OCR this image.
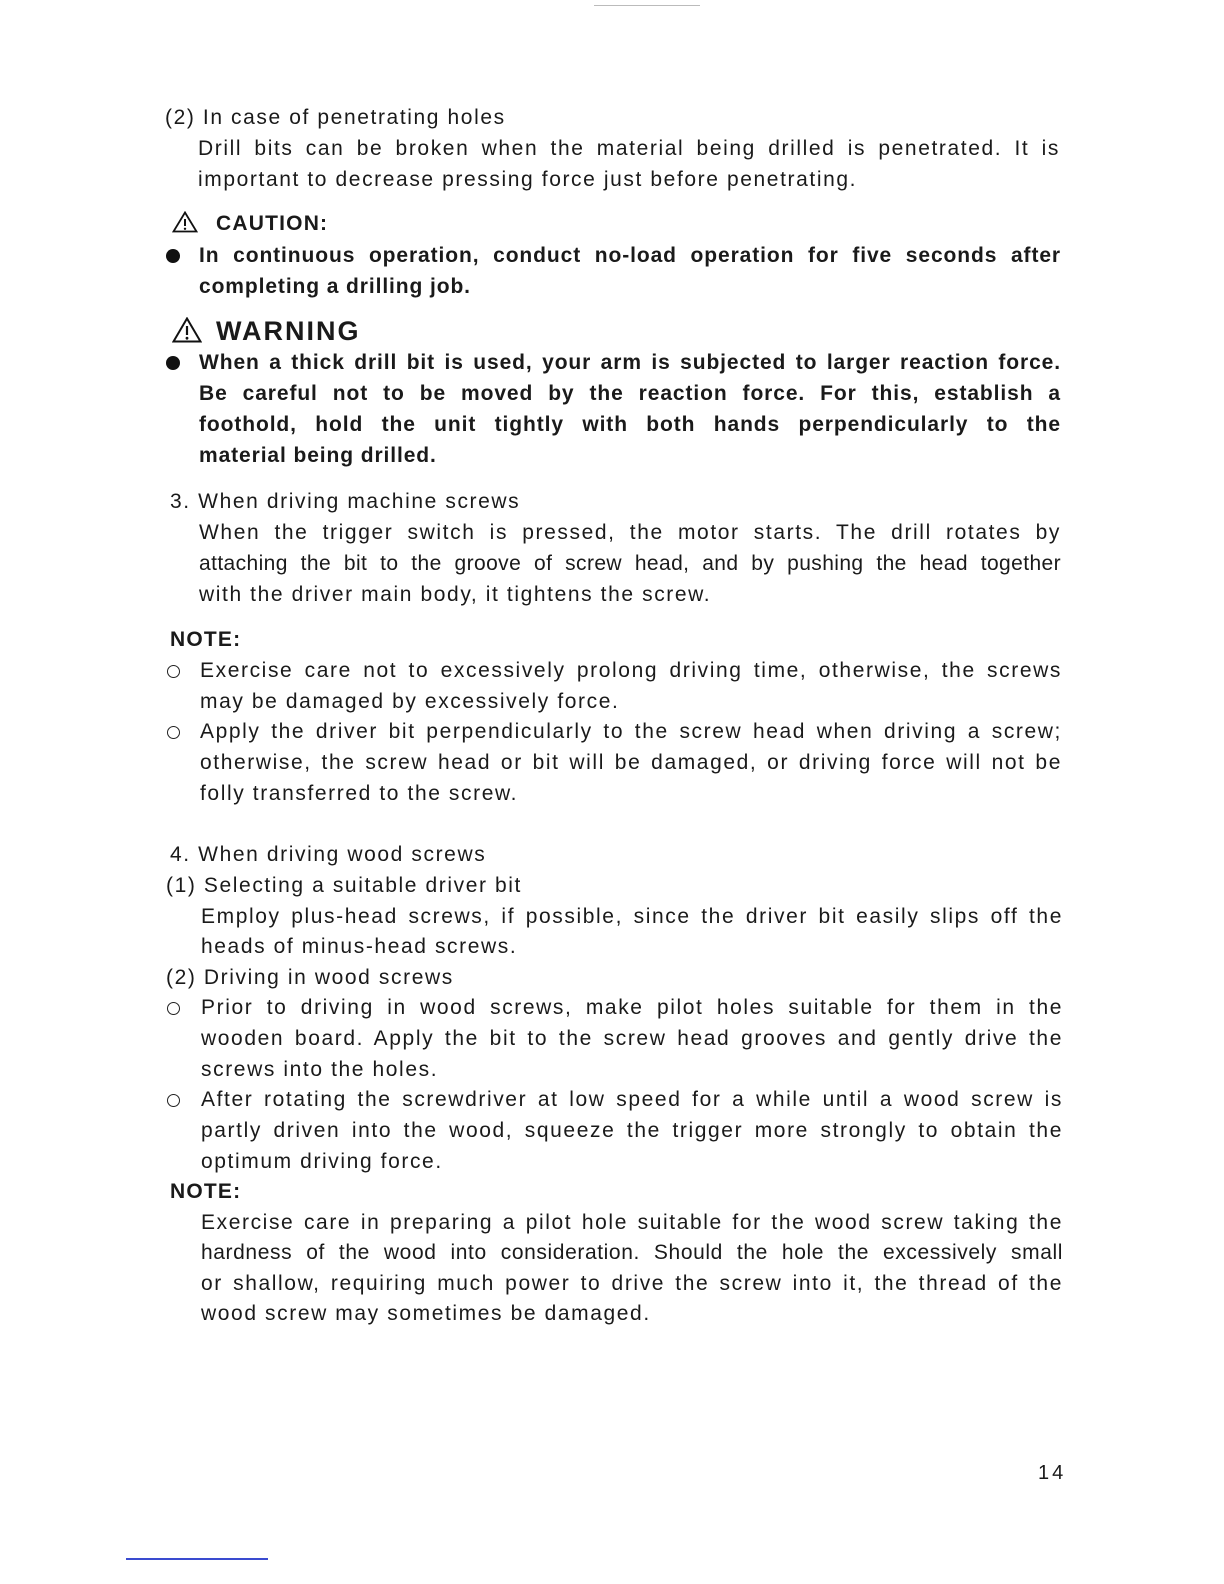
(2) In case of penetrating holes
Drill bits can be broken when the material being drilled is penetrated. It is
important to decrease pressing force just before penetrating.
CAUTION:
In continuous operation, conduct no-load operation for five seconds after
completing a drilling job.
WARNING
When a thick drill bit is used, your arm is subjected to larger reaction force.
Be careful not to be moved by the reaction force. For this, establish a
foothold, hold the unit tightly with both hands perpendicularly to the
material being drilled.
3. When driving machine screws
When the trigger switch is pressed, the motor starts. The drill rotates by
attaching the bit to the groove of screw head, and by pushing the head together
with the driver main body, it tightens the screw.
NOTE:
Exercise care not to excessively prolong driving time, otherwise, the screws
may be damaged by excessively force.
Apply the driver bit perpendicularly to the screw head when driving a screw;
otherwise, the screw head or bit will be damaged, or driving force will not be
folly transferred to the screw.
4. When driving wood screws
(1) Selecting a suitable driver bit
Employ plus-head screws, if possible, since the driver bit easily slips off the
heads of minus-head screws.
(2) Driving in wood screws
Prior to driving in wood screws, make pilot holes suitable for them in the
wooden board. Apply the bit to the screw head grooves and gently drive the
screws into the holes.
After rotating the screwdriver at low speed for a while until a wood screw is
partly driven into the wood, squeeze the trigger more strongly to obtain the
optimum driving force.
NOTE:
Exercise care in preparing a pilot hole suitable for the wood screw taking the
hardness of the wood into consideration. Should the hole the excessively small
or shallow, requiring much power to drive the screw into it, the thread of the
wood screw may sometimes be damaged.
14
